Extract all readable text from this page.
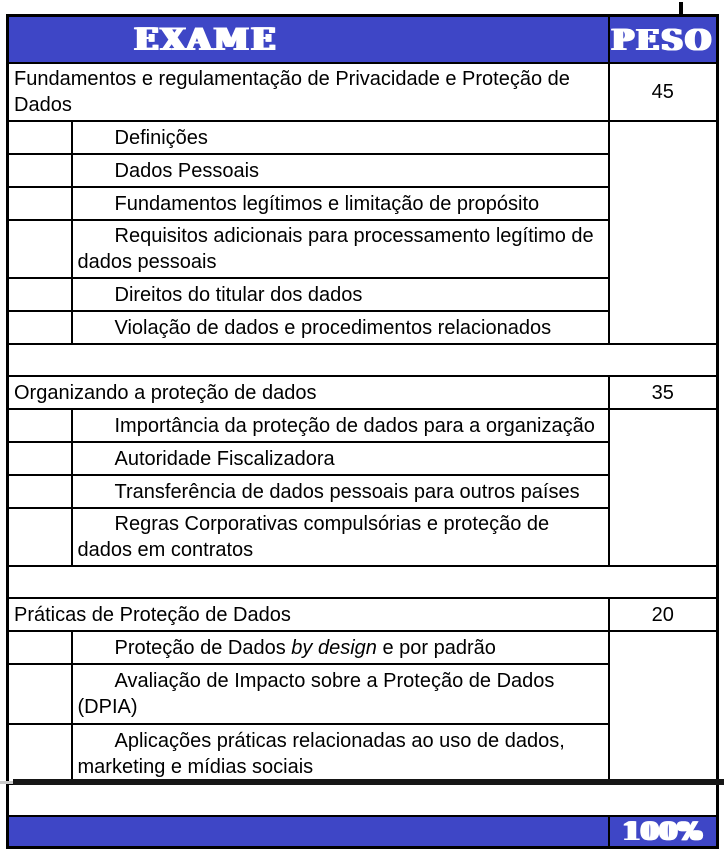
EXAME		PESO
Fundamentos e regulamentação de Privacidade e Proteção de Dados		45
	Definições	
	Dados Pessoais	
	Fundamentos legítimos e limitação de propósito	
	Requisitos adicionais para processamento legítimo de dados pessoais	
	Direitos do titular dos dados	
	Violação de dados e procedimentos relacionados	

Organizando a proteção de dados		35
	Importância da proteção de dados para a organização	
	Autoridade Fiscalizadora	
	Transferência de dados pessoais para outros países	
	Regras Corporativas compulsórias e proteção de dados em contratos	

Práticas de Proteção de Dados		20
	Proteção de Dados by design e por padrão	
	Avaliação de Impacto sobre a Proteção de Dados (DPIA)	
	Aplicações práticas relacionadas ao uso de dados, marketing e mídias sociais	

		100%
